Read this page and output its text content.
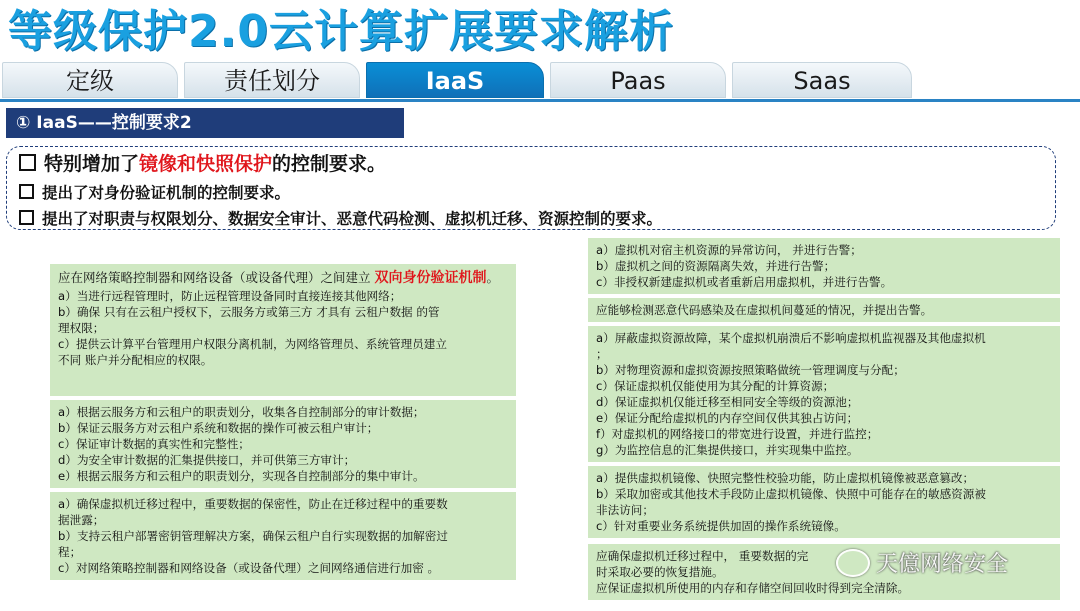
等级保护2.0云计算扩展要求解析
定级	责任划分	IaaS	Paas	Saas
① IaaS——控制要求2
特别增加了镜像和快照保护的控制要求。
提出了对身份验证机制的控制要求。
提出了对职责与权限划分、数据安全审计、恶意代码检测、虚拟机迁移、资源控制的要求。
应在网络策略控制器和网络设备（或设备代理）之间建立 双向身份验证机制。
a）当进行远程管理时，防止远程管理设备同时直接连接其他网络；
b）确保 只有在云租户授权下，云服务方或第三方 才具有 云租户数据 的管
理权限；
c）提供云计算平台管理用户权限分离机制，为网络管理员、系统管理员建立
不同 账户并分配相应的权限。
a）根据云服务方和云租户的职责划分，收集各自控制部分的审计数据；
b）保证云服务方对云租户系统和数据的操作可被云租户审计；
c）保证审计数据的真实性和完整性；
d）为安全审计数据的汇集提供接口，并可供第三方审计；
e）根据云服务方和云租户的职责划分，实现各自控制部分的集中审计。
a）确保虚拟机迁移过程中，重要数据的保密性，防止在迁移过程中的重要数
据泄露；
b）支持云租户部署密钥管理解决方案，确保云租户自行实现数据的加解密过
程；
c）对网络策略控制器和网络设备（或设备代理）之间网络通信进行加密 。
a）虚拟机对宿主机资源的异常访问， 并进行告警；
b）虚拟机之间的资源隔离失效，并进行告警；
c）非授权新建虚拟机或者重新启用虚拟机，并进行告警。
应能够检测恶意代码感染及在虚拟机间蔓延的情况，并提出告警。
a）屏蔽虚拟资源故障，某个虚拟机崩溃后不影响虚拟机监视器及其他虚拟机
；
b）对物理资源和虚拟资源按照策略做统一管理调度与分配；
c）保证虚拟机仅能使用为其分配的计算资源；
d）保证虚拟机仅能迁移至相同安全等级的资源池；
e）保证分配给虚拟机的内存空间仅供其独占访问；
f）对虚拟机的网络接口的带宽进行设置，并进行监控；
g）为监控信息的汇集提供接口，并实现集中监控。
a）提供虚拟机镜像、快照完整性校验功能，防止虚拟机镜像被恶意篡改；
b）采取加密或其他技术手段防止虚拟机镜像、快照中可能存在的敏感资源被
非法访问；
c）针对重要业务系统提供加固的操作系统镜像。
应确保虚拟机迁移过程中， 重要数据的完
时采取必要的恢复措施。
应保证虚拟机所使用的内存和存储空间回收时得到完全清除。
天億网络安全
